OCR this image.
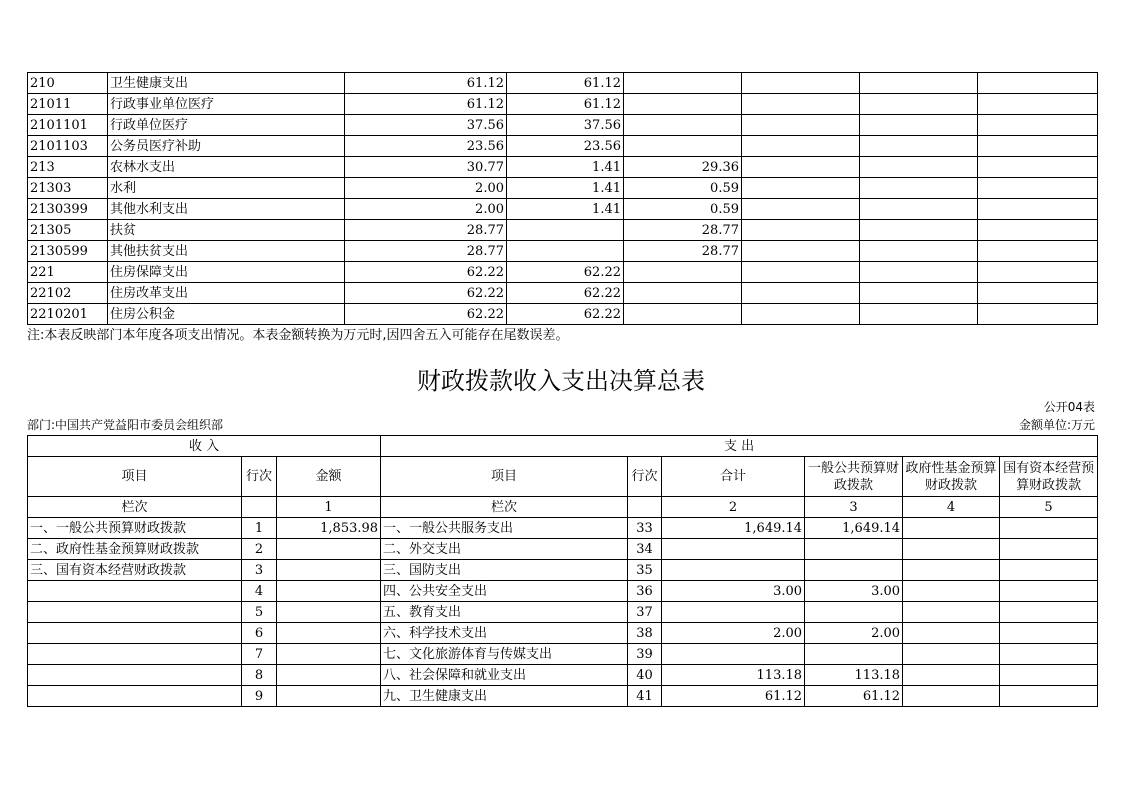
210	卫生健康支出	61.12	61.12				
21011	行政事业单位医疗	61.12	61.12				
2101101	行政单位医疗	37.56	37.56				
2101103	公务员医疗补助	23.56	23.56				
213	农林水支出	30.77	1.41	29.36			
21303	水利	2.00	1.41	0.59			
2130399	其他水利支出	2.00	1.41	0.59			
21305	扶贫	28.77		28.77			
2130599	其他扶贫支出	28.77		28.77			
221	住房保障支出	62.22	62.22				
22102	住房改革支出	62.22	62.22				
2210201	住房公积金	62.22	62.22				
注:本表反映部门本年度各项支出情况。本表金额转换为万元时,因四舍五入可能存在尾数误差。
财政拨款收入支出决算总表
公开04表
部门:中国共产党益阳市委员会组织部	金额单位:万元
收 入			支 出					
项目	行次	金额	项目	行次	合计	一般公共预算财政拨款	政府性基金预算财政拨款	国有资本经营预算财政拨款
栏次		1	栏次		2	3	4	5
一、一般公共预算财政拨款	1	1,853.98	一、一般公共服务支出	33	1,649.14	1,649.14		
二、政府性基金预算财政拨款	2		二、外交支出	34				
三、国有资本经营财政拨款	3		三、国防支出	35				
	4		四、公共安全支出	36	3.00	3.00		
	5		五、教育支出	37				
	6		六、科学技术支出	38	2.00	2.00		
	7		七、文化旅游体育与传媒支出	39				
	8		八、社会保障和就业支出	40	113.18	113.18		
	9		九、卫生健康支出	41	61.12	61.12		
